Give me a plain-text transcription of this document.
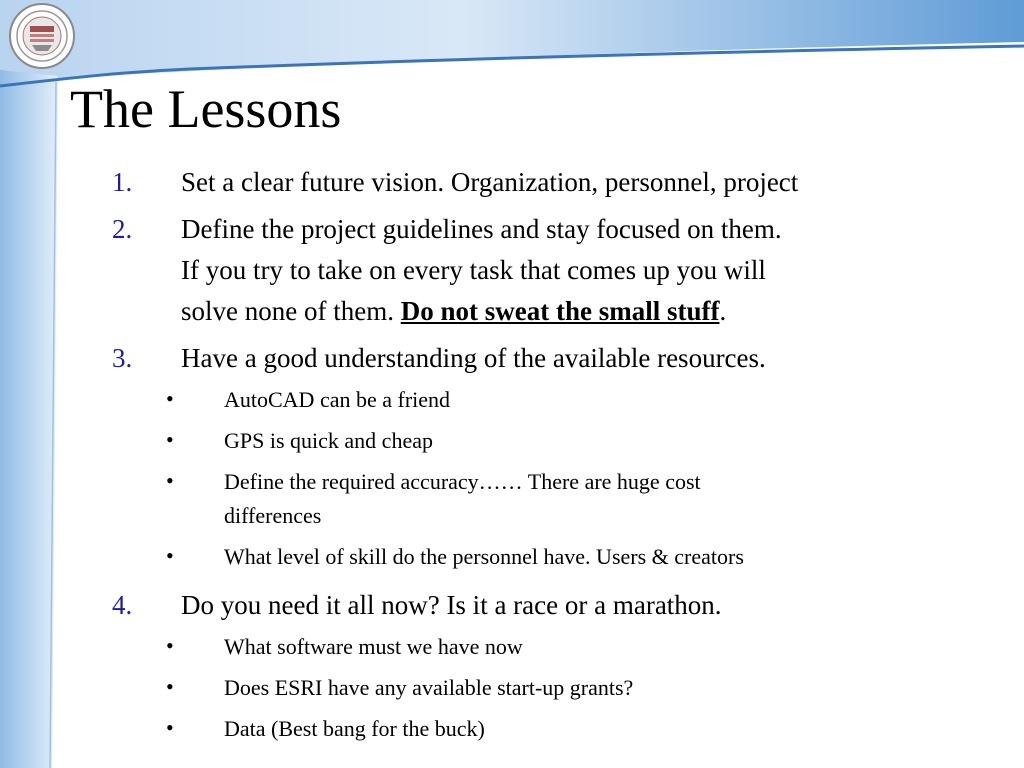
The Lessons
1. Set a clear future vision. Organization, personnel, project
2. Define the project guidelines and stay focused on them.
If you try to take on every task that comes up you will
solve none of them. Do not sweat the small stuff.
3. Have a good understanding of the available resources.
• AutoCAD can be a friend
• GPS is quick and cheap
• Define the required accuracy…… There are huge cost
differences
• What level of skill do the personnel have. Users & creators
4. Do you need it all now? Is it a race or a marathon.
• What software must we have now
• Does ESRI have any available start-up grants?
• Data (Best bang for the buck)
